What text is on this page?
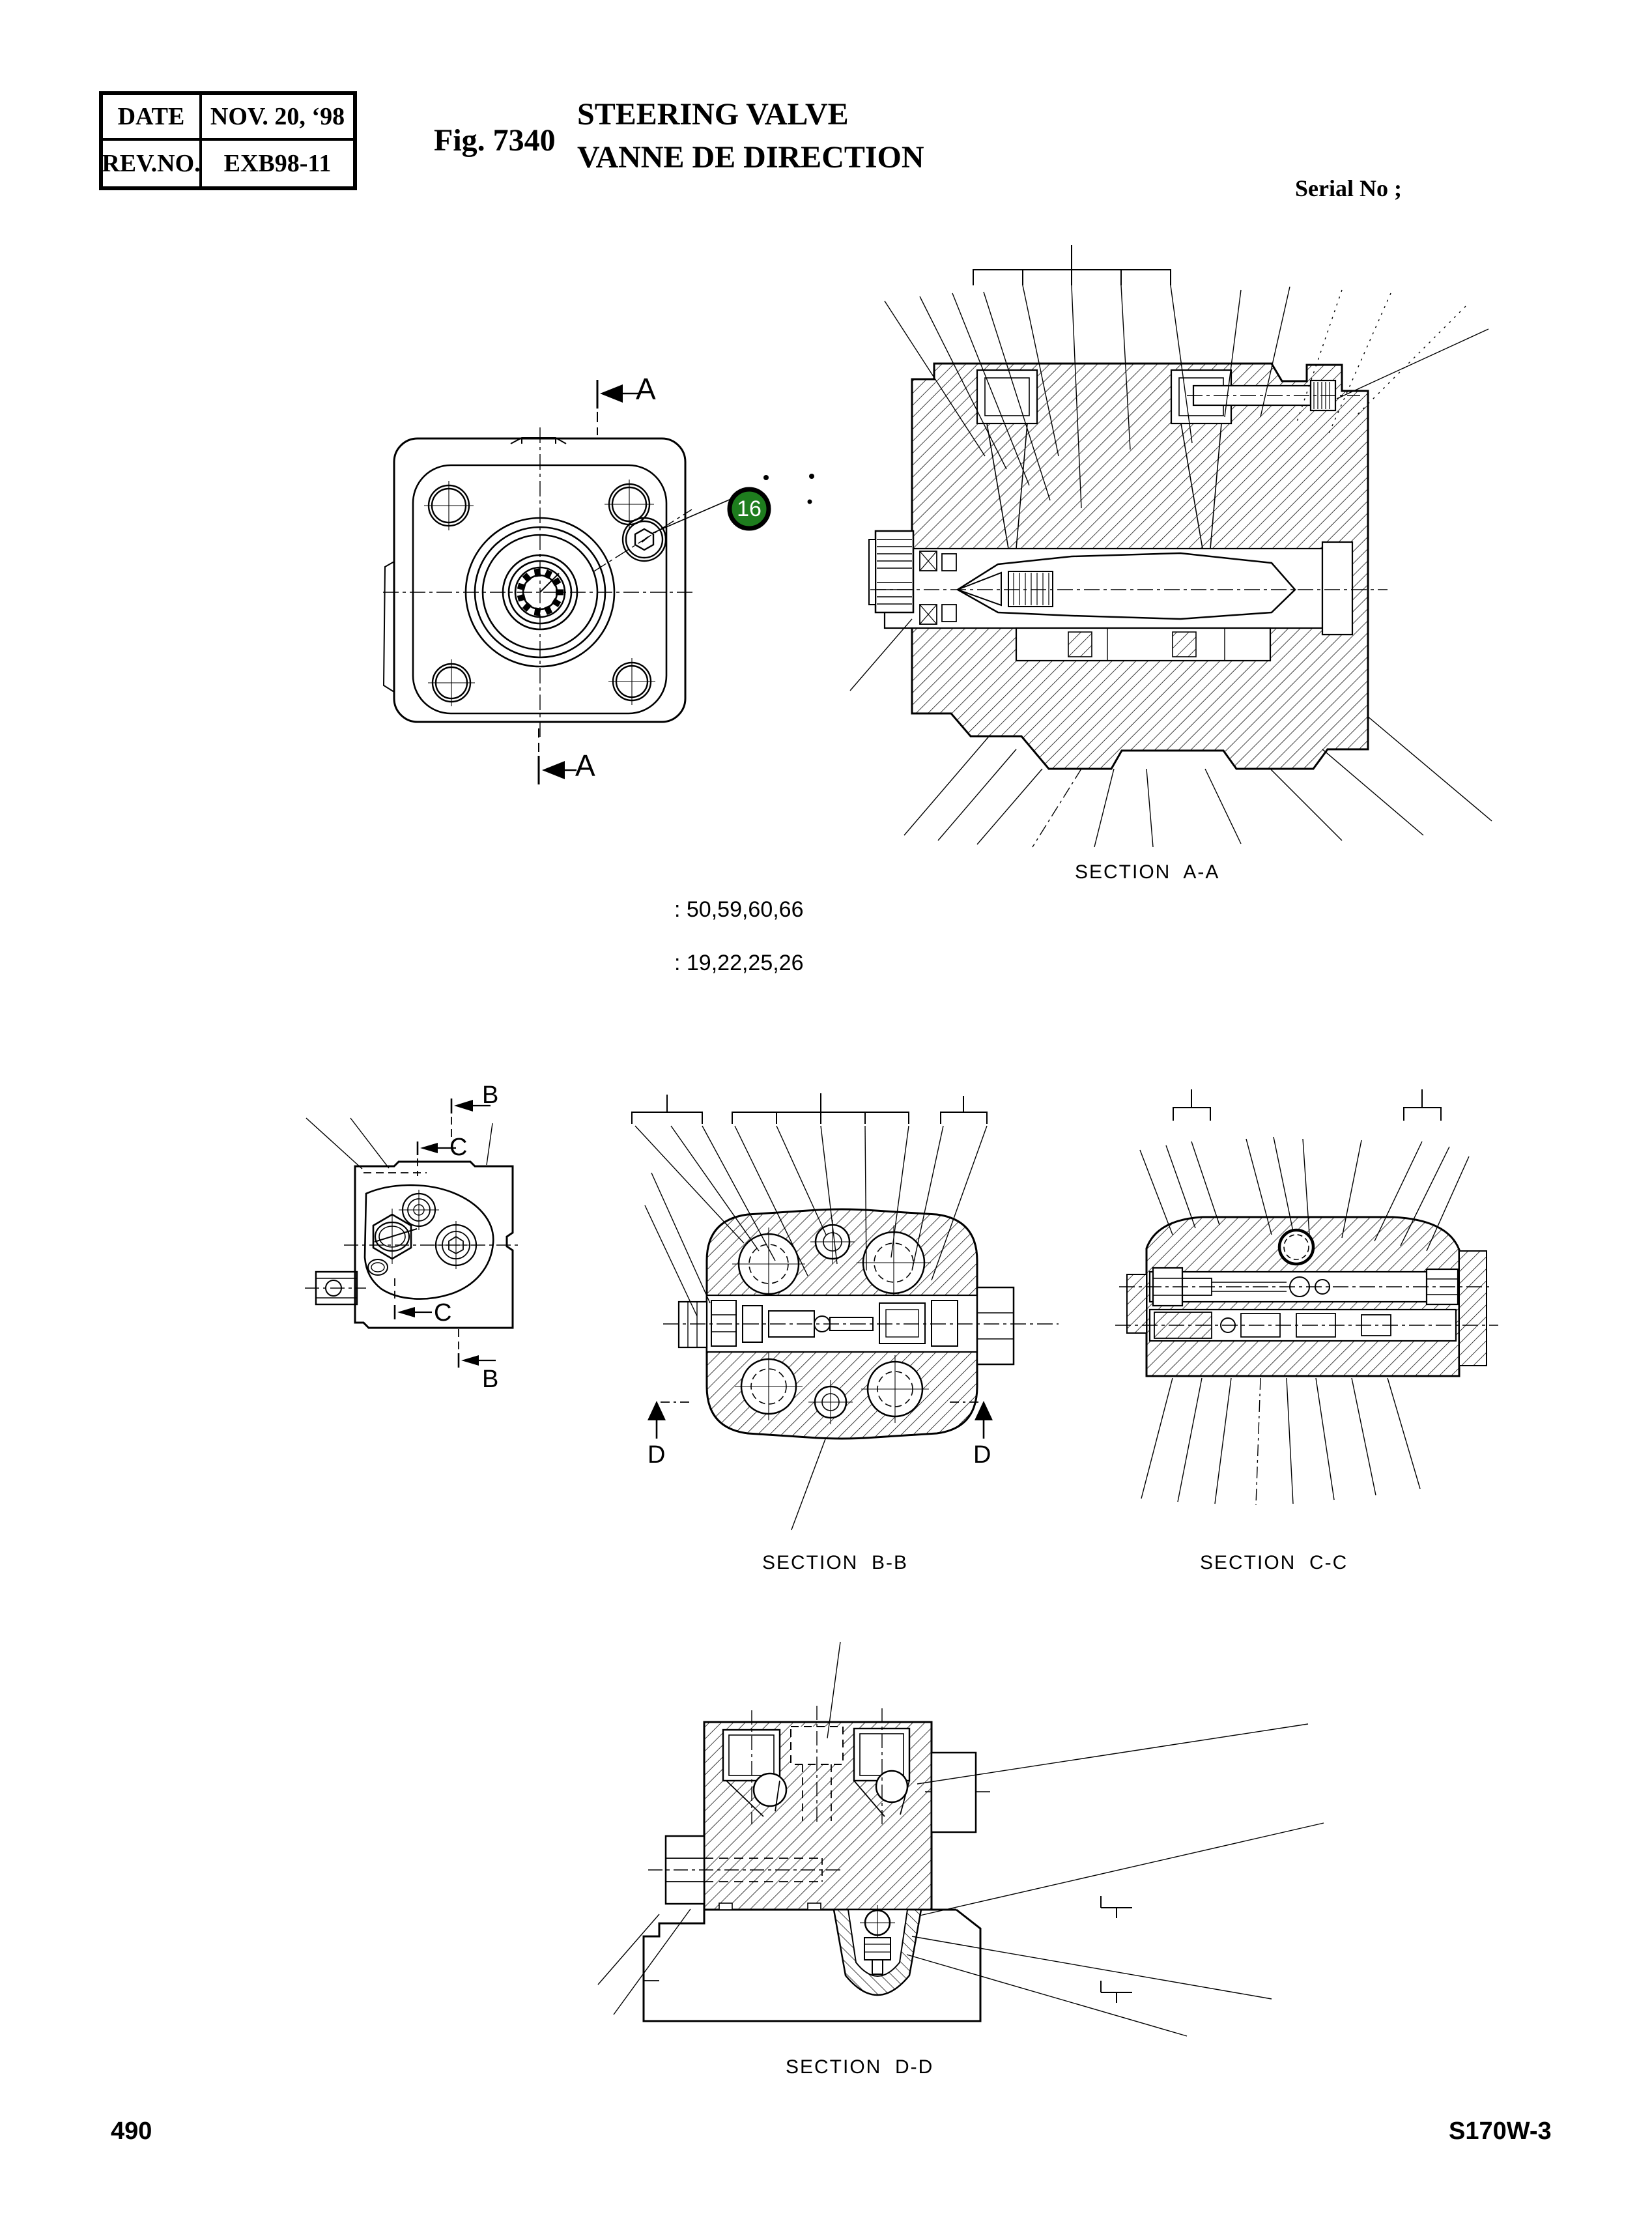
DATE	NOV. 20, ‘98
REV.NO. EXB98-11
Fig. 7340
STEERING VALVE
VANNE DE DIRECTION
Serial No ;
16
: 50,59,60,66
: 19,22,25,26
SECTION  A-A
SECTION  B-B	SECTION  C-C
SECTION  D-D
A
A
B
C
C
B
D	D
490	S170W-3
